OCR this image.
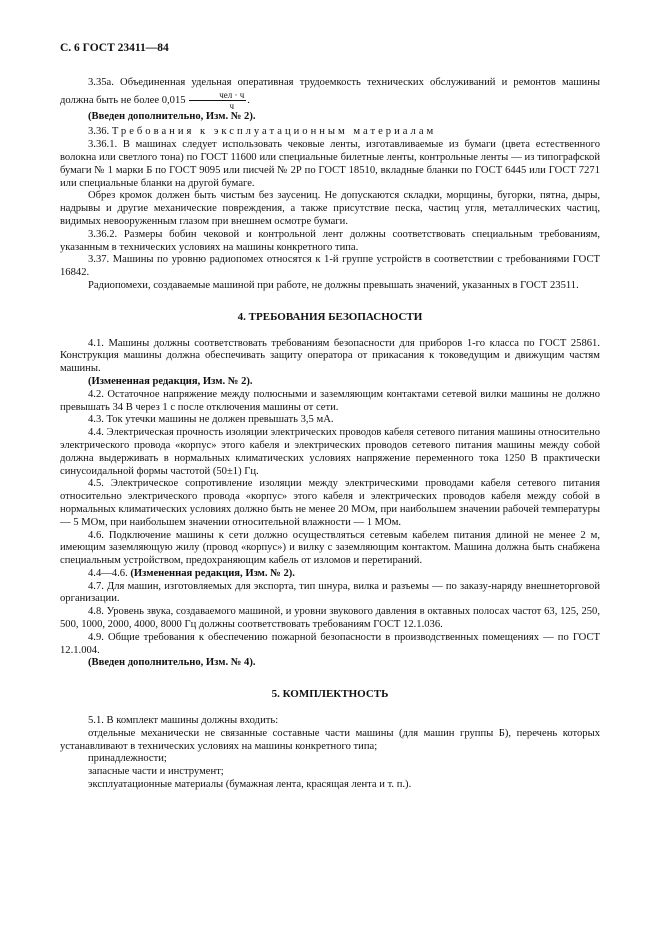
С. 6 ГОСТ 23411—84

3.35а. Объединенная удельная оперативная трудоемкость технических обслуживаний и ремонтов машины должна быть не более $0,015 \frac{\text{чел · ч}}{ч}$ .

(Введен дополнительно, Изм. № 2).

3.36. Требования к эксплуатационным материалам

3.36.1. В машинах следует использовать чековые ленты, изготавливаемые из бумаги (цвета естественного волокна или светлого тона) по ГОСТ 11600 или специальные билетные ленты, контрольные ленты — из типографской бумаги № 1 марки Б по ГОСТ 9095 или писчей № 2Р по ГОСТ 18510, вкладные бланки по ГОСТ 6445 или ГОСТ 7271 или специальные бланки на другой бумаге.

Обрез кромок должен быть чистым без заусениц. Не допускаются складки, морщины, бугорки, пятна, дыры, надрывы и другие механические повреждения, а также присутствие песка, частиц угля, металлических частиц, видимых невооруженным глазом при внешнем осмотре бумаги.

3.36.2. Размеры бобин чековой и контрольной лент должны соответствовать специальным требованиям, указанным в технических условиях на машины конкретного типа.

3.37. Машины по уровню радиопомех относятся к 1-й группе устройств в соответствии с требованиями ГОСТ 16842.

Радиопомехи, создаваемые машиной при работе, не должны превышать значений, указанных в ГОСТ 23511.

4. ТРЕБОВАНИЯ БЕЗОПАСНОСТИ

4.1. Машины должны соответствовать требованиям безопасности для приборов 1-го класса по ГОСТ 25861. Конструкция машины должна обеспечивать защиту оператора от прикасания к токоведущим и движущим частям машины.

(Измененная редакция, Изм. № 2).

4.2. Остаточное напряжение между полюсными и заземляющим контактами сетевой вилки машины не должно превышать 34 В через 1 с после отключения машины от сети.

4.3. Ток утечки машины не должен превышать 3,5 мА.

4.4. Электрическая прочность изоляции электрических проводов кабеля сетевого питания машины относительно электрического провода «корпус» этого кабеля и электрических проводов сетевого питания машины между собой должна выдерживать в нормальных климатических условиях напряжение переменного тока 1250 В практически синусоидальной формы частотой (50±1) Гц.

4.5. Электрическое сопротивление изоляции между электрическими проводами кабеля сетевого питания относительно электрического провода «корпус» этого кабеля и электрических проводов кабеля между собой в нормальных климатических условиях должно быть не менее 20 МОм, при наибольшем значении рабочей температуры — 5 МОм, при наибольшем значении относительной влажности — 1 МОм.

4.6. Подключение машины к сети должно осуществляться сетевым кабелем питания длиной не менее 2 м, имеющим заземляющую жилу (провод «корпус») и вилку с заземляющим контактом. Машина должна быть снабжена специальным устройством, предохраняющим кабель от изломов и перетираний.

4.4—4.6. (Измененная редакция, Изм. № 2).

4.7. Для машин, изготовляемых для экспорта, тип шнура, вилка и разъемы — по заказу-наряду внешнеторговой организации.

4.8. Уровень звука, создаваемого машиной, и уровни звукового давления в октавных полосах частот 63, 125, 250, 500, 1000, 2000, 4000, 8000 Гц должны соответствовать требованиям ГОСТ 12.1.036.

4.9. Общие требования к обеспечению пожарной безопасности в производственных помещениях — по ГОСТ 12.1.004.

(Введен дополнительно, Изм. № 4).

5. КОМПЛЕКТНОСТЬ

5.1. В комплект машины должны входить:

отдельные механически не связанные составные части машины (для машин группы Б), перечень которых устанавливают в технических условиях на машины конкретного типа;

принадлежности;

запасные части и инструмент;

эксплуатационные материалы (бумажная лента, красящая лента и т. п.).
